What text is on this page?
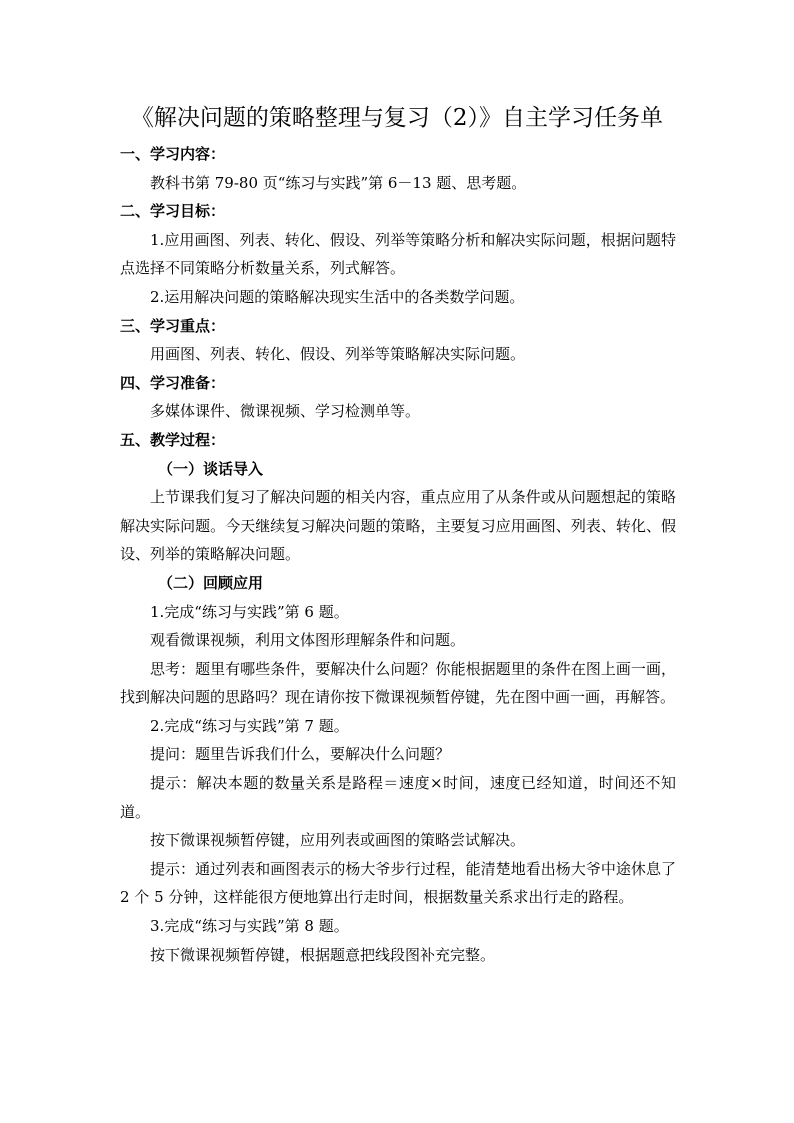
《解决问题的策略整理与复习（2）》自主学习任务单
一、学习内容：
教科书第 79-80 页“练习与实践”第 6－13 题、思考题。
二、学习目标：

1.应用画图、列表、转化、假设、列举等策略分析和解决实际问题，根据问题特点选择不同策略分析数量关系，列式解答。

2.运用解决问题的策略解决现实生活中的各类数学问题。

三、学习重点：
用画图、列表、转化、假设、列举等策略解决实际问题。
四、学习准备：
多媒体课件、微课视频、学习检测单等。
五、教学过程：
（一）谈话导入

上节课我们复习了解决问题的相关内容，重点应用了从条件或从问题想起的策略解决实际问题。今天继续复习解决问题的策略，主要复习应用画图、列表、转化、假设、列举的策略解决问题。

（二）回顾应用
1.完成“练习与实践”第 6 题。
观看微课视频，利用文体图形理解条件和问题。

思考：题里有哪些条件，要解决什么问题？你能根据题里的条件在图上画一画，找到解决问题的思路吗？现在请你按下微课视频暂停键，先在图中画一画，再解答。

2.完成“练习与实践”第 7 题。
提问：题里告诉我们什么，要解决什么问题？

提示：解决本题的数量关系是路程＝速度×时间，速度已经知道，时间还不知道。

按下微课视频暂停键，应用列表或画图的策略尝试解决。

提示：通过列表和画图表示的杨大爷步行过程，能清楚地看出杨大爷中途休息了 2 个 5 分钟，这样能很方便地算出行走时间，根据数量关系求出行走的路程。

3.完成“练习与实践”第 8 题。
按下微课视频暂停键，根据题意把线段图补充完整。
